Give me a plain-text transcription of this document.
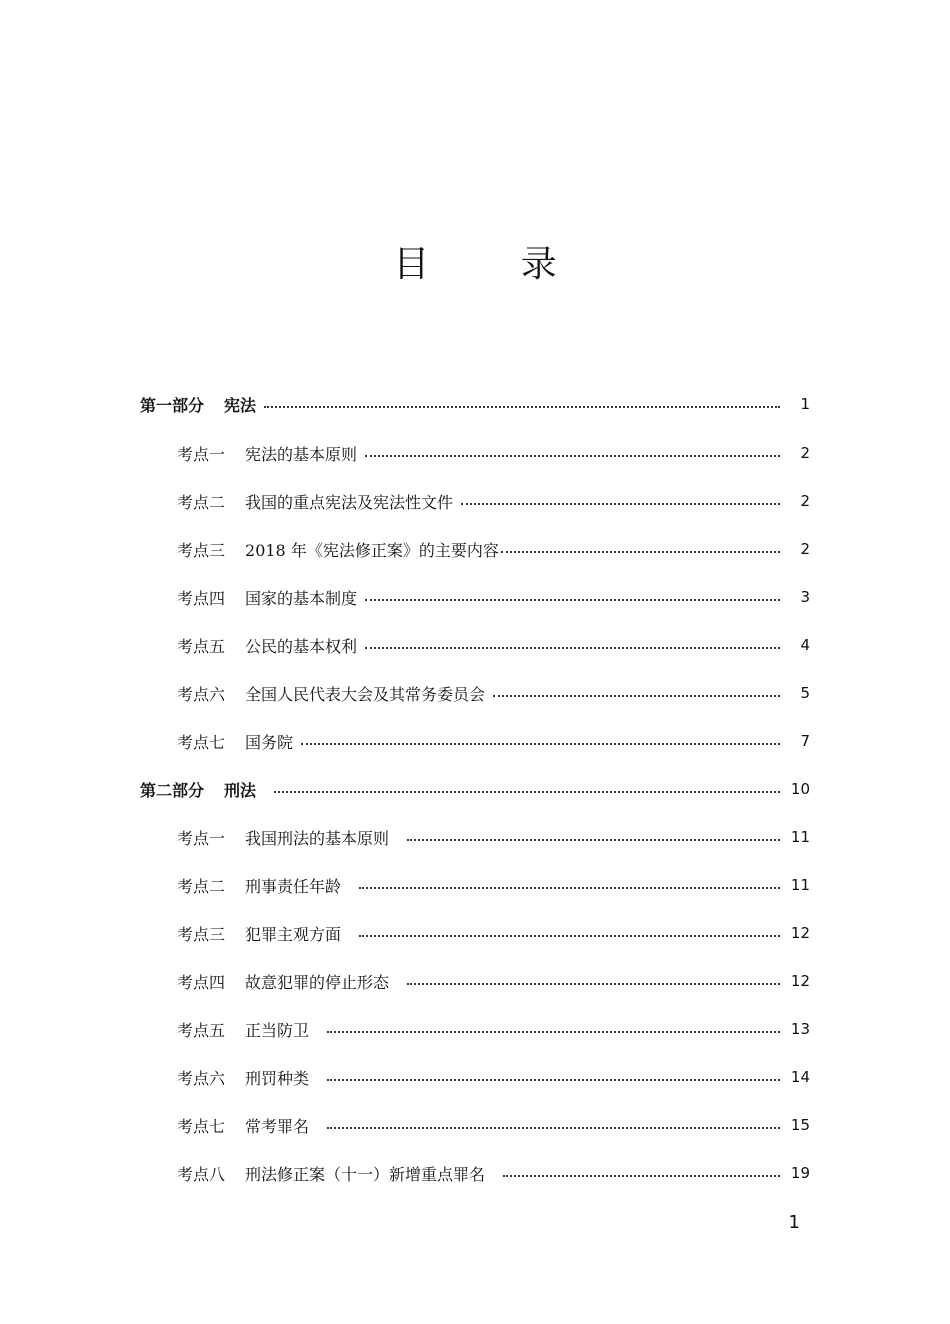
目 录
第一部分 宪法	1
考点一 宪法的基本原则	2
考点二 我国的重点宪法及宪法性文件	2
考点三 2018 年《宪法修正案》的主要内容	2
考点四 国家的基本制度	3
考点五 公民的基本权利	4
考点六 全国人民代表大会及其常务委员会	5
考点七 国务院	7
第二部分 刑法	10
考点一 我国刑法的基本原则	11
考点二 刑事责任年龄	11
考点三 犯罪主观方面	12
考点四 故意犯罪的停止形态	12
考点五 正当防卫	13
考点六 刑罚种类	14
考点七 常考罪名	15
考点八 刑法修正案（十一）新增重点罪名	19
1
